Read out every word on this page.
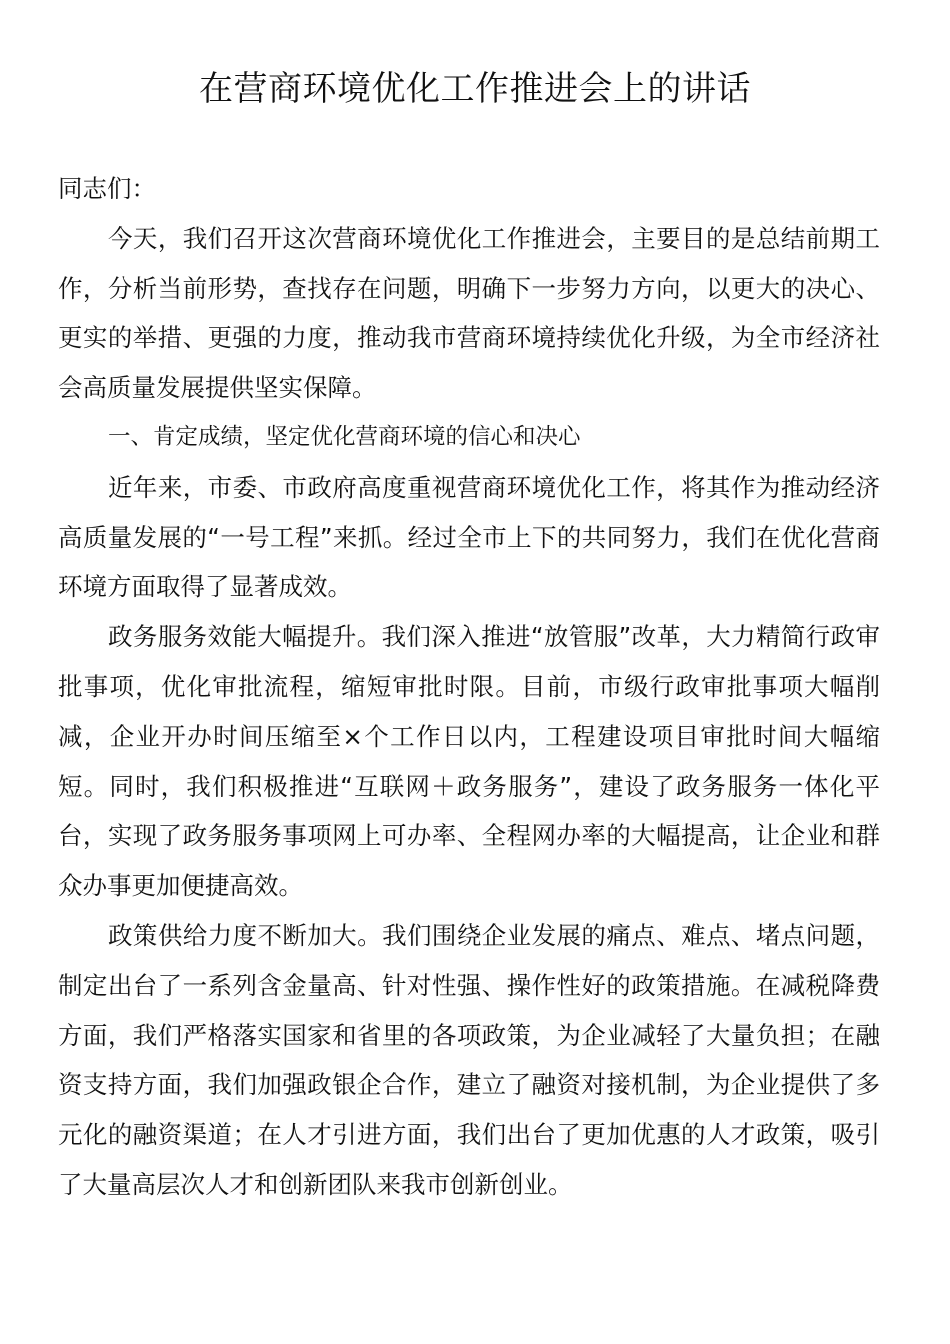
在营商环境优化工作推进会上的讲话

同志们：

今天，我们召开这次营商环境优化工作推进会，主要目的是总结前期工作，分析当前形势，查找存在问题，明确下一步努力方向，以更大的决心、更实的举措、更强的力度，推动我市营商环境持续优化升级，为全市经济社会高质量发展提供坚实保障。

一、肯定成绩，坚定优化营商环境的信心和决心

近年来，市委、市政府高度重视营商环境优化工作，将其作为推动经济高质量发展的“一号工程”来抓。经过全市上下的共同努力，我们在优化营商环境方面取得了显著成效。

政务服务效能大幅提升。我们深入推进“放管服”改革，大力精简行政审批事项，优化审批流程，缩短审批时限。目前，市级行政审批事项大幅削减，企业开办时间压缩至×个工作日以内，工程建设项目审批时间大幅缩短。同时，我们积极推进“互联网＋政务服务”，建设了政务服务一体化平台，实现了政务服务事项网上可办率、全程网办率的大幅提高，让企业和群众办事更加便捷高效。

政策供给力度不断加大。我们围绕企业发展的痛点、难点、堵点问题，制定出台了一系列含金量高、针对性强、操作性好的政策措施。在减税降费方面，我们严格落实国家和省里的各项政策，为企业减轻了大量负担；在融资支持方面，我们加强政银企合作，建立了融资对接机制，为企业提供了多元化的融资渠道；在人才引进方面，我们出台了更加优惠的人才政策，吸引了大量高层次人才和创新团队来我市创新创业。
